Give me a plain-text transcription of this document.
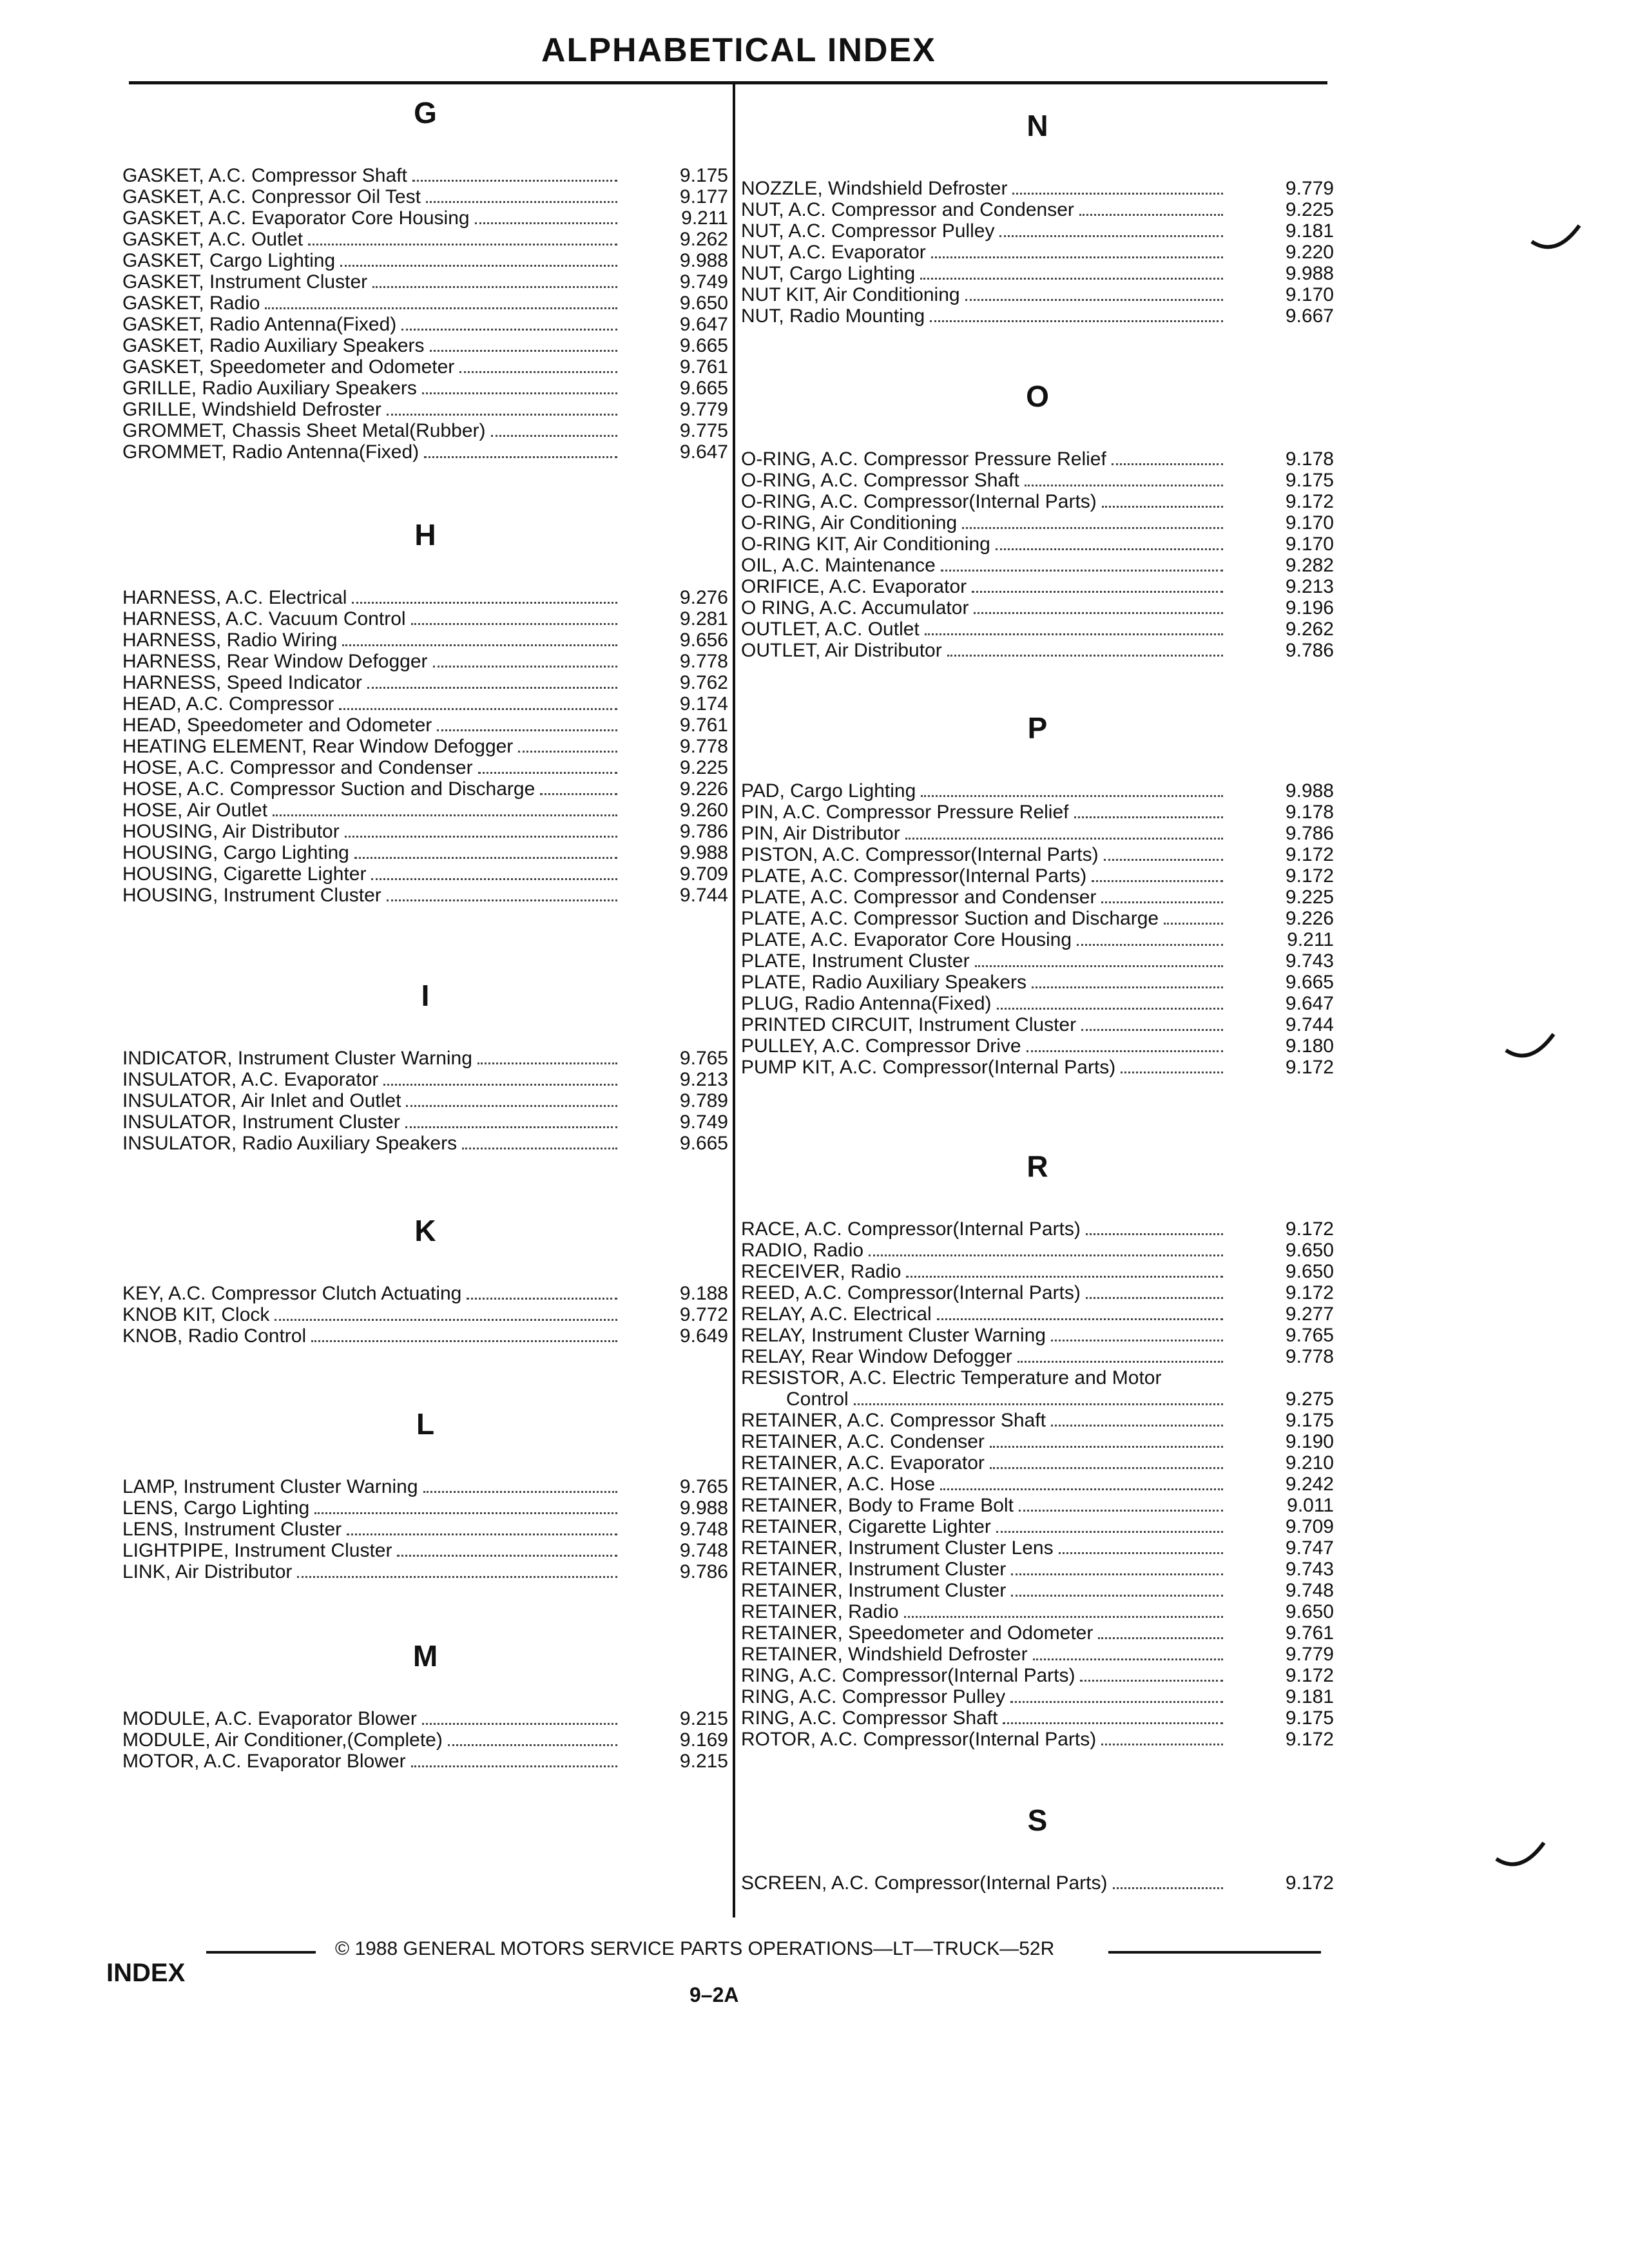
ALPHABETICAL INDEX
G
GASKET, A.C. Compressor Shaft	9.175
GASKET, A.C. Conpressor Oil Test	9.177
GASKET, A.C. Evaporator Core Housing	9.211
GASKET, A.C. Outlet	9.262
GASKET, Cargo Lighting	9.988
GASKET, Instrument Cluster	9.749
GASKET, Radio	9.650
GASKET, Radio Antenna(Fixed)	9.647
GASKET, Radio Auxiliary Speakers	9.665
GASKET, Speedometer and Odometer	9.761
GRILLE, Radio Auxiliary Speakers	9.665
GRILLE, Windshield Defroster	9.779
GROMMET, Chassis Sheet Metal(Rubber)	9.775
GROMMET, Radio Antenna(Fixed)	9.647
H
HARNESS, A.C. Electrical	9.276
HARNESS, A.C. Vacuum Control	9.281
HARNESS, Radio Wiring	9.656
HARNESS, Rear Window Defogger	9.778
HARNESS, Speed Indicator	9.762
HEAD, A.C. Compressor	9.174
HEAD, Speedometer and Odometer	9.761
HEATING ELEMENT, Rear Window Defogger	9.778
HOSE, A.C. Compressor and Condenser	9.225
HOSE, A.C. Compressor Suction and Discharge	9.226
HOSE, Air Outlet	9.260
HOUSING, Air Distributor	9.786
HOUSING, Cargo Lighting	9.988
HOUSING, Cigarette Lighter	9.709
HOUSING, Instrument Cluster	9.744
I
INDICATOR, Instrument Cluster Warning	9.765
INSULATOR, A.C. Evaporator	9.213
INSULATOR, Air Inlet and Outlet	9.789
INSULATOR, Instrument Cluster	9.749
INSULATOR, Radio Auxiliary Speakers	9.665
K
KEY, A.C. Compressor Clutch Actuating	9.188
KNOB KIT, Clock	9.772
KNOB, Radio Control	9.649
L
LAMP, Instrument Cluster Warning	9.765
LENS, Cargo Lighting	9.988
LENS, Instrument Cluster	9.748
LIGHTPIPE, Instrument Cluster	9.748
LINK, Air Distributor	9.786
M
MODULE, A.C. Evaporator Blower	9.215
MODULE, Air Conditioner,(Complete)	9.169
MOTOR, A.C. Evaporator Blower	9.215
N
NOZZLE, Windshield Defroster	9.779
NUT, A.C. Compressor and Condenser	9.225
NUT, A.C. Compressor Pulley	9.181
NUT, A.C. Evaporator	9.220
NUT, Cargo Lighting	9.988
NUT KIT, Air Conditioning	9.170
NUT, Radio Mounting	9.667
O
O-RING, A.C. Compressor Pressure Relief	9.178
O-RING, A.C. Compressor Shaft	9.175
O-RING, A.C. Compressor(Internal Parts)	9.172
O-RING, Air Conditioning	9.170
O-RING KIT, Air Conditioning	9.170
OIL, A.C. Maintenance	9.282
ORIFICE, A.C. Evaporator	9.213
O RING, A.C. Accumulator	9.196
OUTLET, A.C. Outlet	9.262
OUTLET, Air Distributor	9.786
P
PAD, Cargo Lighting	9.988
PIN, A.C. Compressor Pressure Relief	9.178
PIN, Air Distributor	9.786
PISTON, A.C. Compressor(Internal Parts)	9.172
PLATE, A.C. Compressor(Internal Parts)	9.172
PLATE, A.C. Compressor and Condenser	9.225
PLATE, A.C. Compressor Suction and Discharge	9.226
PLATE, A.C. Evaporator Core Housing	9.211
PLATE, Instrument Cluster	9.743
PLATE, Radio Auxiliary Speakers	9.665
PLUG, Radio Antenna(Fixed)	9.647
PRINTED CIRCUIT, Instrument Cluster	9.744
PULLEY, A.C. Compressor Drive	9.180
PUMP KIT, A.C. Compressor(Internal Parts)	9.172
R
RACE, A.C. Compressor(Internal Parts)	9.172
RADIO, Radio	9.650
RECEIVER, Radio	9.650
REED, A.C. Compressor(Internal Parts)	9.172
RELAY, A.C. Electrical	9.277
RELAY, Instrument Cluster Warning	9.765
RELAY, Rear Window Defogger	9.778
RESISTOR, A.C. Electric Temperature and Motor
Control	9.275
RETAINER, A.C. Compressor Shaft	9.175
RETAINER, A.C. Condenser	9.190
RETAINER, A.C. Evaporator	9.210
RETAINER, A.C. Hose	9.242
RETAINER, Body to Frame Bolt	9.011
RETAINER, Cigarette Lighter	9.709
RETAINER, Instrument Cluster Lens	9.747
RETAINER, Instrument Cluster	9.743
RETAINER, Instrument Cluster	9.748
RETAINER, Radio	9.650
RETAINER, Speedometer and Odometer	9.761
RETAINER, Windshield Defroster	9.779
RING, A.C. Compressor(Internal Parts)	9.172
RING, A.C. Compressor Pulley	9.181
RING, A.C. Compressor Shaft	9.175
ROTOR, A.C. Compressor(Internal Parts)	9.172
S
SCREEN, A.C. Compressor(Internal Parts)	9.172
© 1988 GENERAL MOTORS SERVICE PARTS OPERATIONS—LT—TRUCK—52R
INDEX
9–2A
